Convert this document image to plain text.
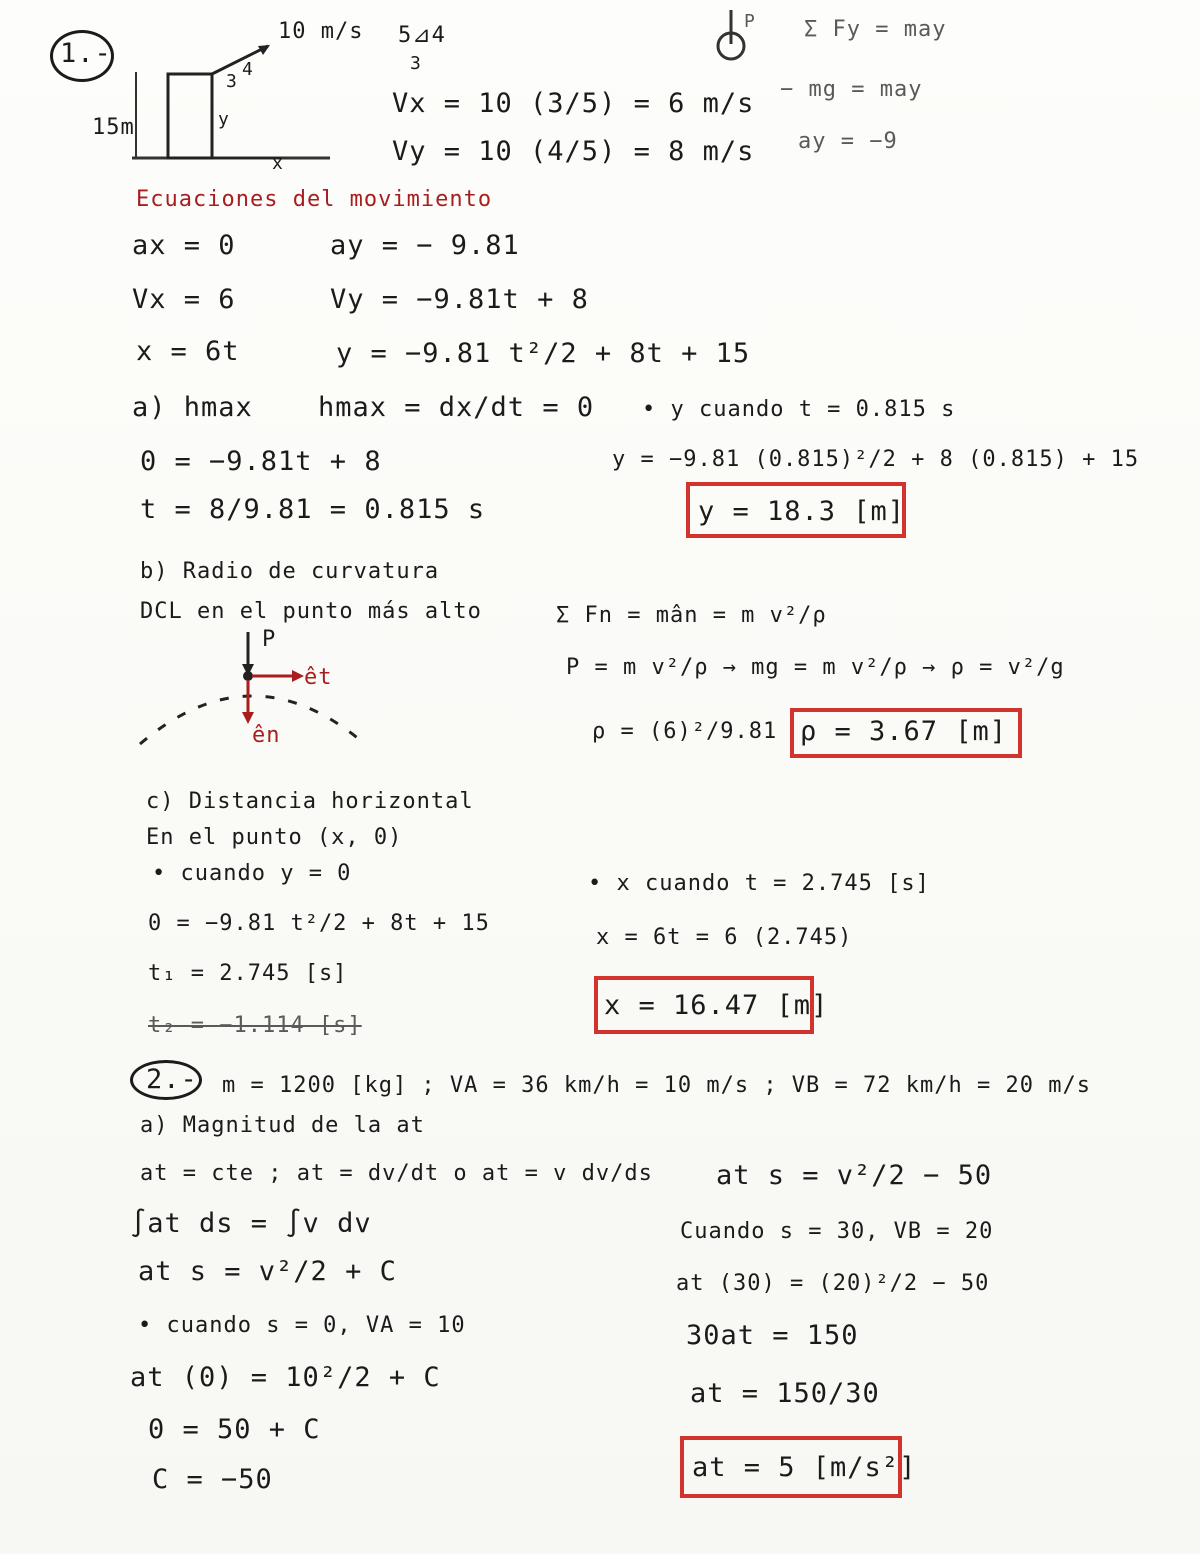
1.-
10 m/s 5⊿4
3
4
3
y
x
15m
Vx = 10 (3/5) = 6 m/s
Vy = 10 (4/5) = 8 m/s
P Σ Fy = may
− mg = may
ay = −9
Ecuaciones del movimiento
ax = 0	ay = − 9.81
Vx = 6	Vy = −9.81t + 8
x = 6t	y = −9.81 t²/2 + 8t + 15
a) hmax hmax = dx/dt = 0
0 = −9.81t + 8
t = 8/9.81 = 0.815 s
• y cuando t = 0.815 s
y = −9.81 (0.815)²/2 + 8 (0.815) + 15
y = 18.3 [m]
b) Radio de curvatura
DCL en el punto más alto
P
êt
ên
Σ Fn = mân = m v²/ρ
P = m v²/ρ → mg = m v²/ρ → ρ = v²/g
ρ = (6)²/9.81 ρ = 3.67 [m]
c) Distancia horizontal
En el punto (x, 0)
• cuando y = 0
0 = −9.81 t²/2 + 8t + 15
t₁ = 2.745 [s]
t₂ = −1.114 [s]
• x cuando t = 2.745 [s]
x = 6t = 6 (2.745)
x = 16.47 [m]
2.- m = 1200 [kg] ; VA = 36 km/h = 10 m/s ; VB = 72 km/h = 20 m/s
a) Magnitud de la at
at = cte ; at = dv/dt o at = v dv/ds
∫at ds = ∫v dv
at s = v²/2 + C
• cuando s = 0, VA = 10
at (0) = 10²/2 + C
0 = 50 + C
C = −50
at s = v²/2 − 50
Cuando s = 30, VB = 20
at (30) = (20)²/2 − 50
30at = 150
at = 150/30
at = 5 [m/s²]
